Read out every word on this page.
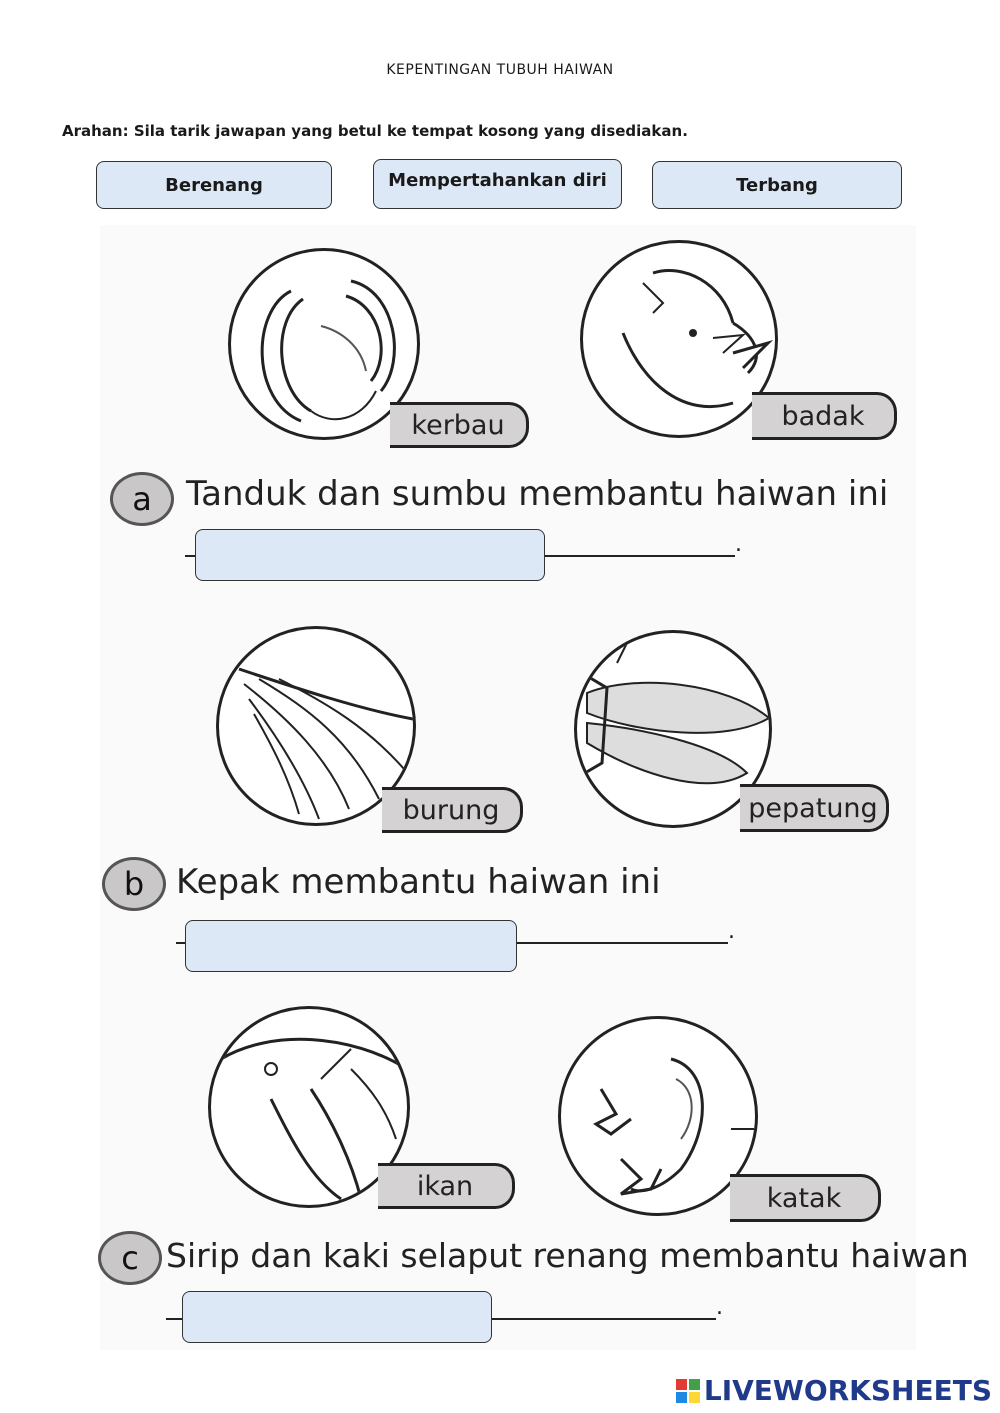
KEPENTINGAN TUBUH HAIWAN
Arahan: Sila tarik jawapan yang betul ke tempat kosong yang disediakan.
Berenang	Mempertahankan diri	Terbang
kerbau	badak
a	Tanduk dan sumbu membantu haiwan ini
.
burung	pepatung
b Kepak membantu haiwan ini
.
ikan	katak
c Sirip dan kaki selaput renang membantu haiwan
.
LIVEWORKSHEETS
